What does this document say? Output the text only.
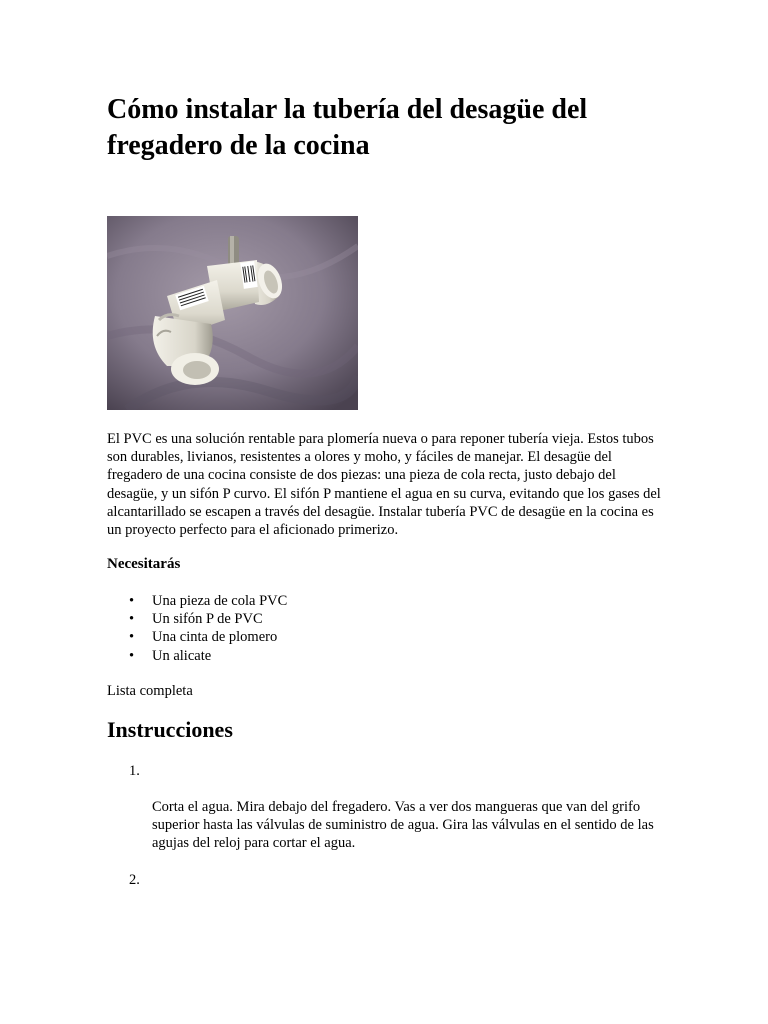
Cómo instalar la tubería del desagüe del fregadero de la cocina

El PVC es una solución rentable para plomería nueva o para reponer tubería vieja. Estos tubos son durables, livianos, resistentes a olores y moho, y fáciles de manejar. El desagüe del fregadero de una cocina consiste de dos piezas: una pieza de cola recta, justo debajo del desagüe, y un sifón P curvo. El sifón P mantiene el agua en su curva, evitando que los gases del alcantarillado se escapen a través del desagüe. Instalar tubería PVC de desagüe en la cocina es un proyecto perfecto para el aficionado primerizo.

Necesitarás
• Una pieza de cola PVC
• Un sifón P de PVC
• Una cinta de plomero
• Un alicate

Lista completa

Instrucciones

1.

Corta el agua. Mira debajo del fregadero. Vas a ver dos mangueras que van del grifo superior hasta las válvulas de suministro de agua. Gira las válvulas en el sentido de las agujas del reloj para cortar el agua.

2.
